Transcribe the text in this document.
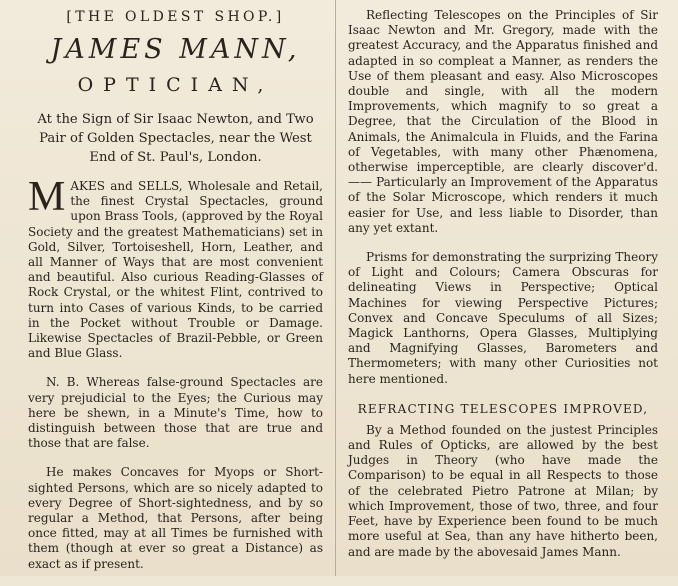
[THE OLDEST SHOP.]
JAMES MANN,
OPTICIAN,
At the Sign of Sir Isaac Newton, and Two Pair of Golden Spectacles, near the West End of St. Paul's, London.
M AKES and SELLS, Wholesale and Retail, the finest Crystal Spectacles, ground upon Brass Tools, (approved by the Royal Society and the greatest Mathematicians) set in Gold, Silver, Tortoiseshell, Horn, Leather, and all Manner of Ways that are most convenient and beautiful. Also curious Reading-Glasses of Rock Crystal, or the whitest Flint, contrived to turn into Cases of various Kinds, to be carried in the Pocket without Trouble or Damage. Likewise Spectacles of Brazil-Pebble, or Green and Blue Glass.
N. B. Whereas false-ground Spectacles are very prejudicial to the Eyes; the Curious may here be shewn, in a Minute's Time, how to distinguish between those that are true and those that are false.
He makes Concaves for Myops or Short-sighted Persons, which are so nicely adapted to every Degree of Short-sightedness, and by so regular a Method, that Persons, after being once fitted, may at all Times be furnished with them (though at ever so great a Distance) as exact as if present.
Reflecting Telescopes on the Principles of Sir Isaac Newton and Mr. Gregory, made with the greatest Accuracy, and the Apparatus finished and adapted in so compleat a Manner, as renders the Use of them pleasant and easy. Also Microscopes double and single, with all the modern Improvements, which magnify to so great a Degree, that the Circulation of the Blood in Animals, the Animalcula in Fluids, and the Farina of Vegetables, with many other Phænomena, otherwise imperceptible, are clearly discover'd. —— Particularly an Improvement of the Apparatus of the Solar Microscope, which renders it much easier for Use, and less liable to Disorder, than any yet extant.
Prisms for demonstrating the surprizing Theory of Light and Colours; Camera Obscuras for delineating Views in Perspective; Optical Machines for viewing Perspective Pictures; Convex and Concave Speculums of all Sizes; Magick Lanthorns, Opera Glasses, Multiplying and Magnifying Glasses, Barometers and Thermometers; with many other Curiosities not here mentioned.
REFRACTING TELESCOPES IMPROVED,
By a Method founded on the justest Principles and Rules of Opticks, are allowed by the best Judges in Theory (who have made the Comparison) to be equal in all Respects to those of the celebrated Pietro Patrone at Milan; by which Improvement, those of two, three, and four Feet, have by Experience been found to be much more useful at Sea, than any have hitherto been, and are made by the abovesaid James Mann.
